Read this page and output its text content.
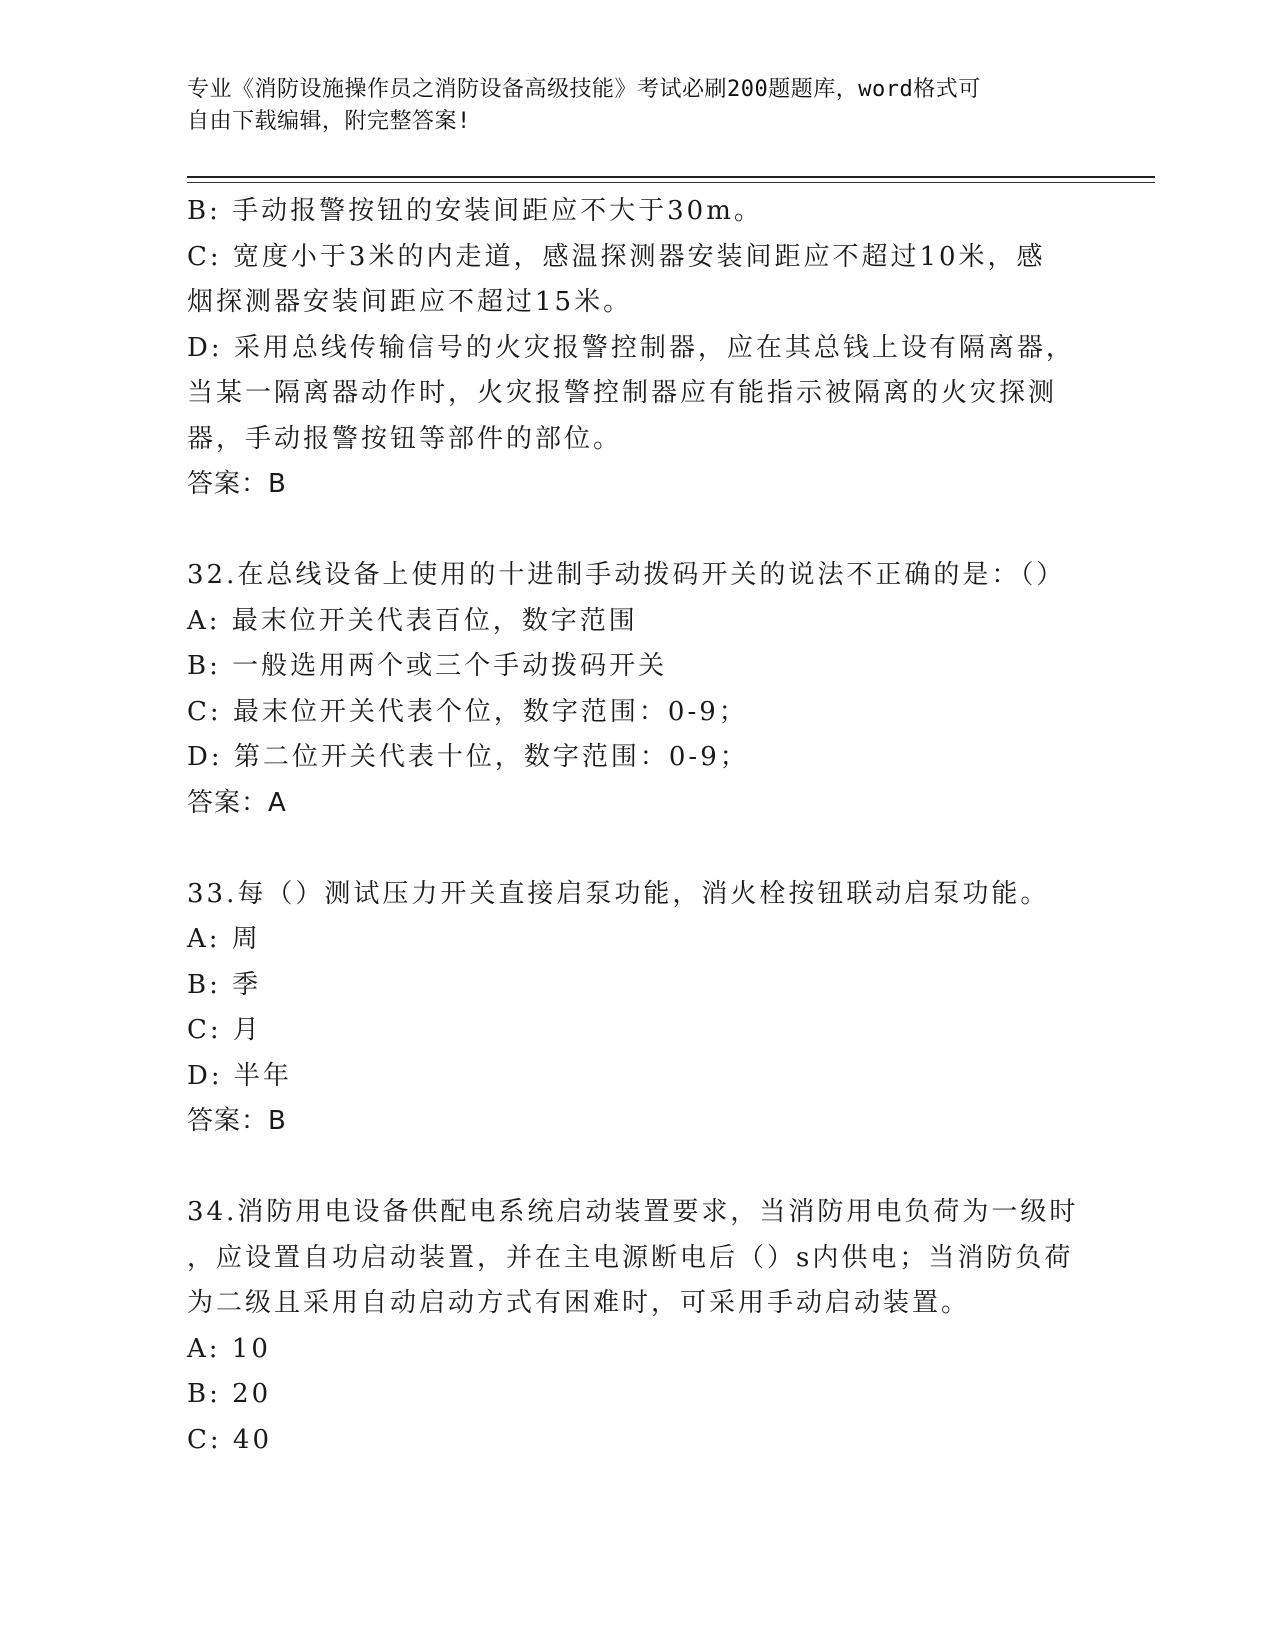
专业《消防设施操作员之消防设备高级技能》考试必刷200题题库，word格式可
自由下载编辑，附完整答案!
B: 手动报警按钮的安装间距应不大于30m。
C: 宽度小于3米的内走道，感温探测器安装间距应不超过10米，感
烟探测器安装间距应不超过15米。
D: 采用总线传输信号的火灾报警控制器，应在其总钱上设有隔离器，
当某一隔离器动作时，火灾报警控制器应有能指示被隔离的火灾探测
器，手动报警按钮等部件的部位。
答案：B
32.在总线设备上使用的十进制手动拨码开关的说法不正确的是：（）
A: 最末位开关代表百位，数字范围
B: 一般选用两个或三个手动拨码开关
C: 最末位开关代表个位，数字范围：0-9；
D: 第二位开关代表十位，数字范围：0-9；
答案：A
33.每（）测试压力开关直接启泵功能，消火栓按钮联动启泵功能。
A: 周
B: 季
C: 月
D: 半年
答案：B
34.消防用电设备供配电系统启动装置要求，当消防用电负荷为一级时
，应设置自功启动装置，并在主电源断电后（）s内供电；当消防负荷
为二级且采用自动启动方式有困难时，可采用手动启动装置。
A: 10
B: 20
C: 40
